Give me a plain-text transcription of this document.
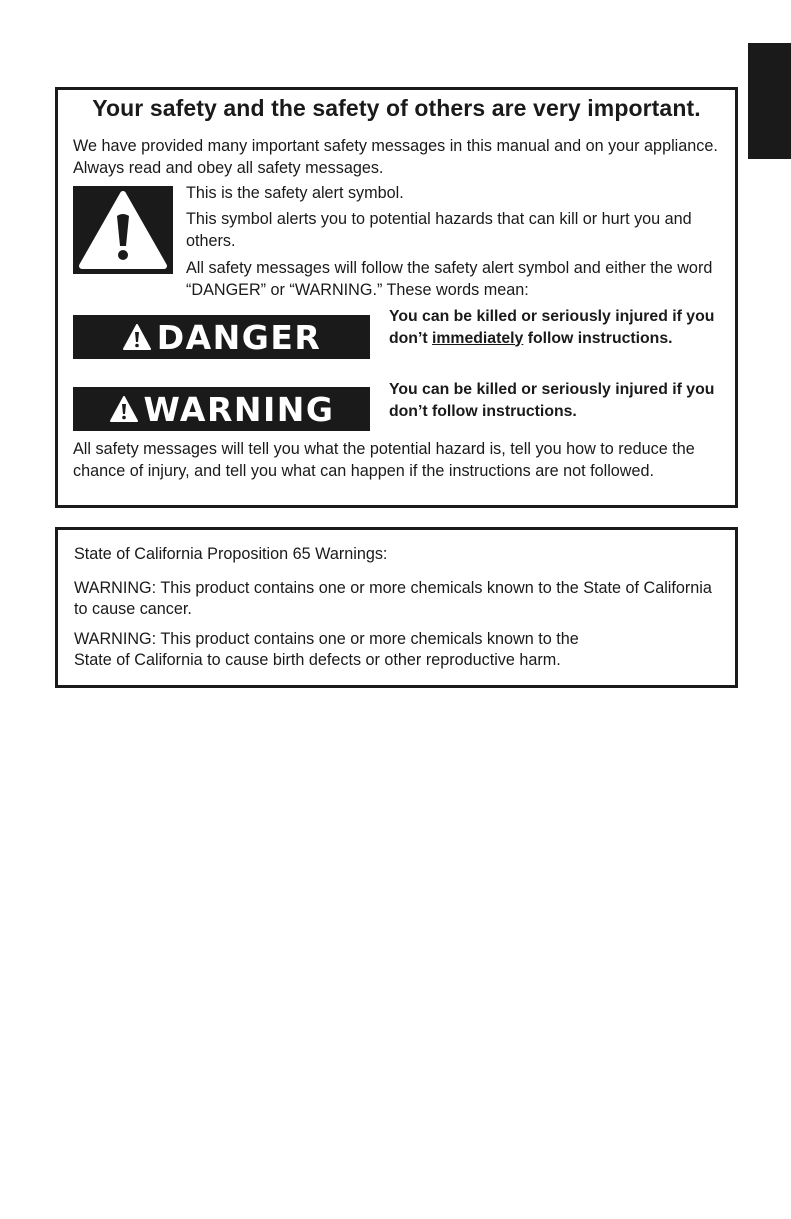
Your safety and the safety of others are very important.
We have provided many important safety messages in this manual and on your appliance. Always read and obey all safety messages.
This is the safety alert symbol.
This symbol alerts you to potential hazards that can kill or hurt you and others.
All safety messages will follow the safety alert symbol and either the word “DANGER” or “WARNING.” These words mean:
DANGER
You can be killed or seriously injured if you don’t immediately follow instructions.
WARNING	You can be killed or seriously injured if you don’t follow instructions.
All safety messages will tell you what the potential hazard is, tell you how to reduce the chance of injury, and tell you what can happen if the instructions are not followed.
State of California Proposition 65 Warnings:
WARNING: This product contains one or more chemicals known to the State of California to cause cancer.
WARNING: This product contains one or more chemicals known to the
State of California to cause birth defects or other reproductive harm.
